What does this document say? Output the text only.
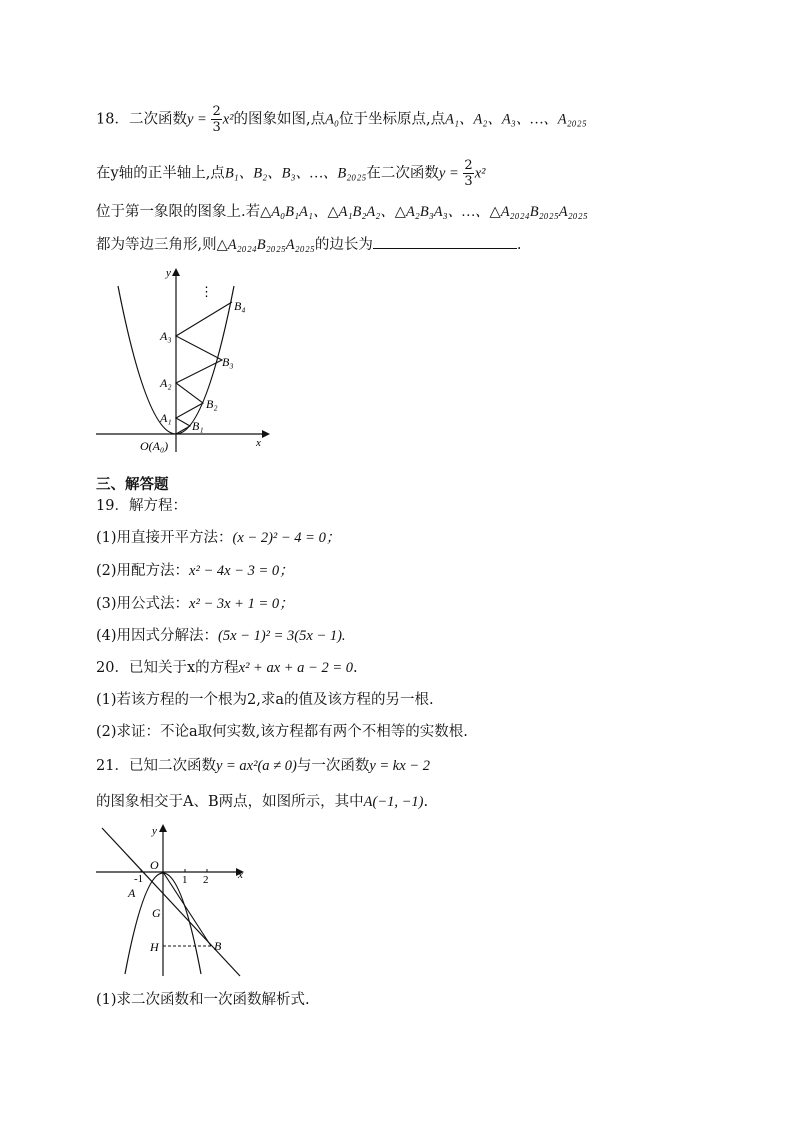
18．二次函数$y = \frac{2}{3} x^2$的图象如图,点A₀位于坐标原点,点A₁、A₂、A₃、…、A₂₀₂₅
在y轴的正半轴上,点B₁、B₂、B₃、…、B₂₀₂₅在二次函数$y = \frac{2}{3} x^2$
位于第一象限的图象上.若△A₀B₁A₁、△A₁B₂A₂、△A₂B₃A₃、…、△A₂₀₂₄B₂₀₂₅A₂₀₂₅
都为等边三角形,则△A₂₀₂₄B₂₀₂₅A₂₀₂₅的边长为	.
y
x
O(A₀)
⋮
A₁
A₂
A₃
B₁
B₂
B₃
B₄
三、解答题
19．解方程：
(1)用直接开平方法：(x − 2)² − 4 = 0；
(2)用配方法：x² − 4x − 3 = 0；
(3)用公式法：x² − 3x + 1 = 0；
(4)用因式分解法：(5x − 1)² = 3(5x − 1).
20．已知关于x的方程x² + ax + a − 2 = 0.
(1)若该方程的一个根为2,求a的值及该方程的另一根.
(2)求证：不论a取何实数,该方程都有两个不相等的实数根.
21．已知二次函数y = ax²(a ≠ 0)与一次函数y = kx − 2
的图象相交于A、B两点，如图所示，其中A(−1, −1).
y
x
O
-1	1 2
A
G
H	B
(1)求二次函数和一次函数解析式.
